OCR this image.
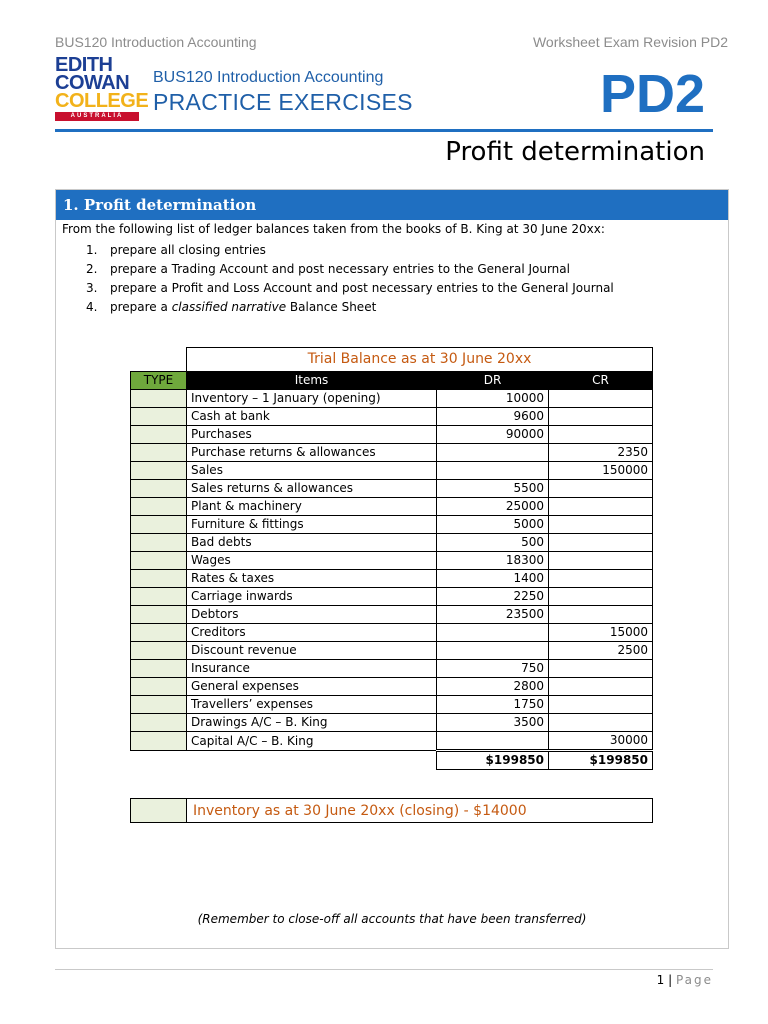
BUS120 Introduction Accounting	Worksheet Exam Revision PD2
EDITH
COWAN
COLLEGE
AUSTRALIA
BUS120 Introduction Accounting
PRACTICE EXERCISES	PD2
Profit determination
1. Profit determination
From the following list of ledger balances taken from the books of B. King at 30 June 20xx:
1. prepare all closing entries
2. prepare a Trading Account and post necessary entries to the General Journal
3. prepare a Profit and Loss Account and post necessary entries to the General Journal
4. prepare a classified narrative Balance Sheet
(Remember to close-off all accounts that have been transferred)
	Trial Balance as at 30 June 20xx		
TYPE	Items	DR	CR
	Inventory – 1 January (opening)	10000	
	Cash at bank	9600	
	Purchases	90000	
	Purchase returns & allowances		2350
	Sales		150000
	Sales returns & allowances	5500	
	Plant & machinery	25000	
	Furniture & fittings	5000	
	Bad debts	500	
	Wages	18300	
	Rates & taxes	1400	
	Carriage inwards	2250	
	Debtors	23500	
	Creditors		15000
	Discount revenue		2500
	Insurance	750	
	General expenses	2800	
	Travellers’ expenses	1750	
	Drawings A/C – B. King	3500	
	Capital A/C – B. King		30000
		$199850	$199850
	Inventory as at 30 June 20xx (closing) - $14000
1 | Page
